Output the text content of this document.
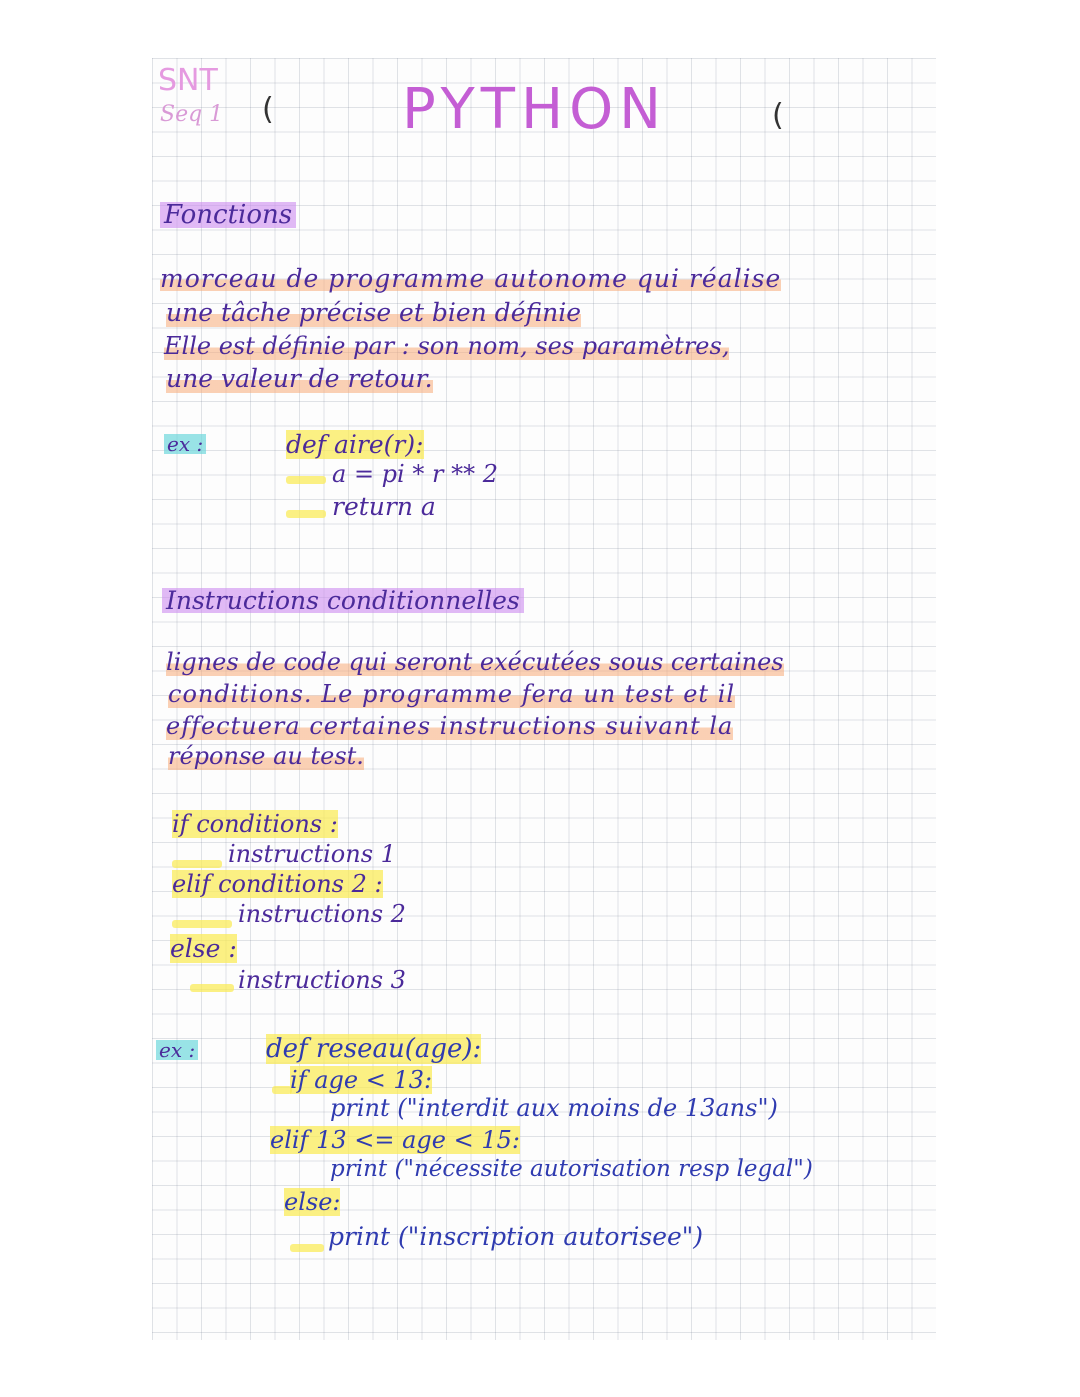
(	(
SNT
Seq 1	PYTHON
Fonctions
morceau de programme autonome qui réalise
une tâche précise et bien définie
Elle est définie par : son nom, ses paramètres,
une valeur de retour.
ex :	def aire(r):
a = pi * r ** 2
return a
Instructions conditionnelles
lignes de code qui seront exécutées sous certaines
conditions. Le programme fera un test et il
effectuera certaines instructions suivant la
réponse au test.
if conditions :
instructions 1
elif conditions 2 :
instructions 2
else :
instructions 3
ex :	def reseau(age):
if age < 13:
print ("interdit aux moins de 13ans")
elif 13 <= age < 15:
print ("nécessite autorisation resp legal")
else:
print ("inscription autorisee")
